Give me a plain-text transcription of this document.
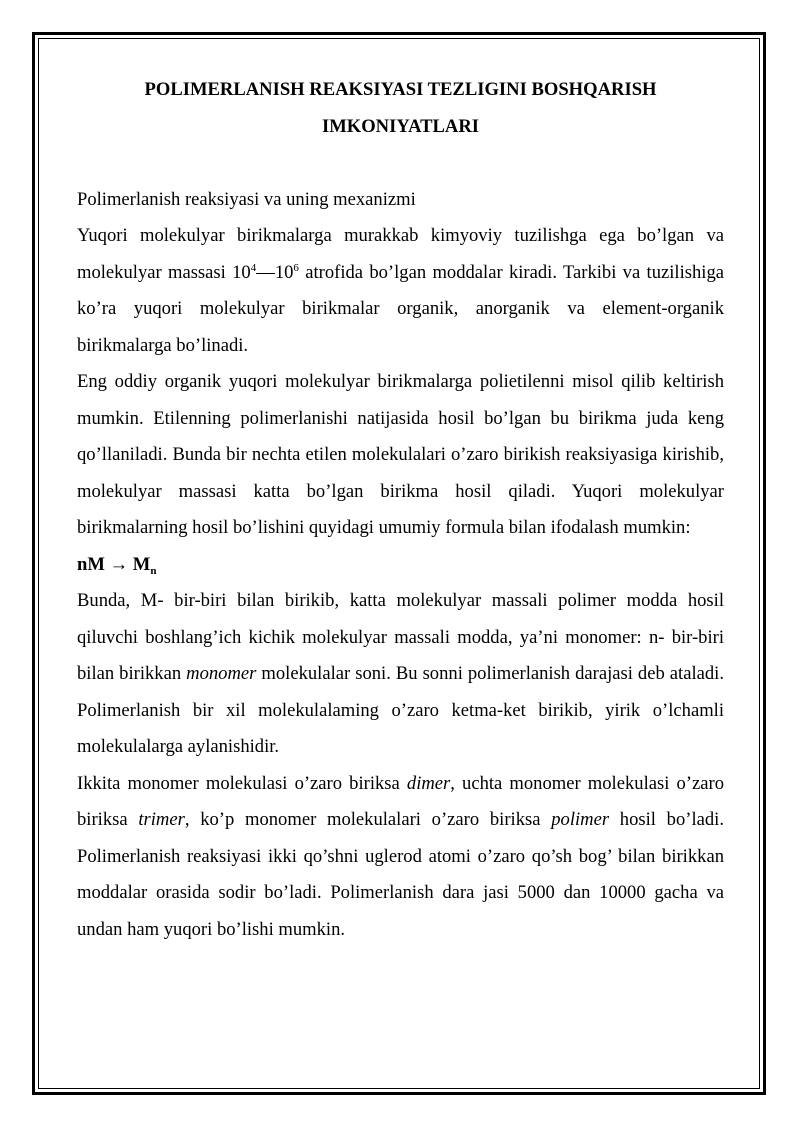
POLIMERLANISH REAKSIYASI TEZLIGINI BOSHQARISH
IMKONIYATLARI

Polimerlanish reaksiyasi va uning mexanizmi

Yuqori molekulyar birikmalarga murakkab kimyoviy tuzilishga ega bo’lgan va molekulyar massasi $10^4—10^6$ atrofida bo’lgan moddalar kiradi. Tarkibi va tuzilishiga ko’ra yuqori molekulyar birikmalar organik, anorganik va element-organik birikmalarga bo’linadi.

Eng oddiy organik yuqori molekulyar birikmalarga polietilenni misol qilib keltirish mumkin. Etilenning polimerlanishi natijasida hosil bo’lgan bu birikma juda keng qo’llaniladi. Bunda bir nechta etilen molekulalari o’zaro birikish reaksiyasiga kirishib, molekulyar massasi katta bo’lgan birikma hosil qiladi. Yuqori molekulyar birikmalarning hosil bo’lishini quyidagi umumiy formula bilan ifodalash mumkin:

nM → $M_n$

Bunda, M- bir-biri bilan birikib, katta molekulyar massali polimer modda hosil qiluvchi boshlang’ich kichik molekulyar massali modda, ya’ni monomer: n- bir-biri bilan birikkan monomer molekulalar soni. Bu sonni polimerlanish darajasi deb ataladi. Polimerlanish bir xil molekulalaming o’zaro ketma-ket birikib, yirik o’lchamli molekulalarga aylanishidir.

Ikkita monomer molekulasi o’zaro biriksa dimer, uchta monomer molekulasi o’zaro biriksa trimer, ko’p monomer molekulalari o’zaro biriksa polimer hosil bo’ladi. Polimerlanish reaksiyasi ikki qo’shni uglerod atomi o’zaro qo’sh bog’ bilan birikkan moddalar orasida sodir bo’ladi. Polimerlanish dara jasi 5000 dan 10000 gacha va undan ham yuqori bo’lishi mumkin.
